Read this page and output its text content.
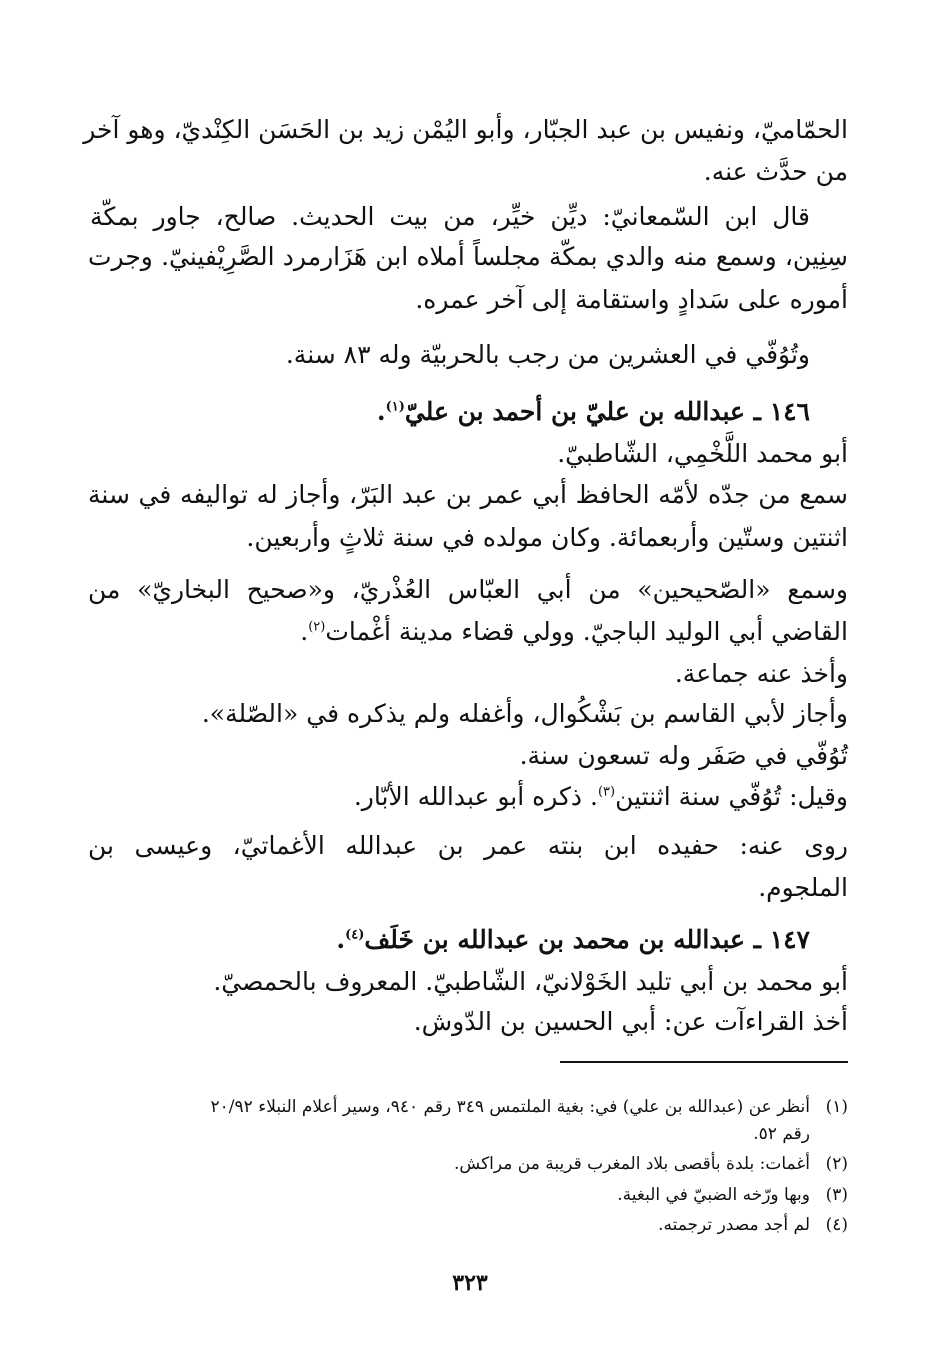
الحمّاميّ، ونفيس بن عبد الجبّار، وأبو اليُمْن زيد بن الحَسَن الكِنْديّ، وهو آخر

من حدَّث عنه.

قال ابن السّمعانيّ: ديِّن خيِّر، من بيت الحديث. صالح، جاور بمكّة

سِنِين، وسمع منه والدي بمكّة مجلساً أملاه ابن هَزَارمرد الصَّرِيْفينيّ. وجرت

أموره على سَدادٍ واستقامة إلى آخر عمره.

وتُوُفّي في العشرين من رجب بالحربيّة وله ٨٣ سنة.

١٤٦ ـ عبدالله بن عليّ بن أحمد بن عليّ$^{(١)}$.

أبو محمد اللَّخْمِي، الشّاطبيّ.

سمع من جدّه لأمّه الحافظ أبي عمر بن عبد البَرّ، وأجاز له تواليفه في سنة

اثنتين وستّين وأربعمائة. وكان مولده في سنة ثلاثٍ وأربعين.

وسمع «الصّحيحين» من أبي العبّاس العُذْريّ، و«صحيح البخاريّ» من

القاضي أبي الوليد الباجيّ. وولي قضاء مدينة أغْمات$^{(٢)}$.

وأخذ عنه جماعة.

وأجاز لأبي القاسم بن بَشْكُوال، وأغفله ولم يذكره في «الصّلة».

تُوُفّي في صَفَر وله تسعون سنة.

وقيل: تُوُفّي سنة اثنتين$^{(٣)}$. ذكره أبو عبدالله الأبّار.

روى عنه: حفيده ابن بنته عمر بن عبدالله الأغماتيّ، وعيسى بن

الملجوم.

١٤٧ ـ عبدالله بن محمد بن عبدالله بن خَلَف$^{(٤)}$.

أبو محمد بن أبي تليد الخَوْلانيّ، الشّاطبيّ. المعروف بالحمصيّ.

أخذ القراءآت عن: أبي الحسين بن الدّوش.

(١)أنظر عن (عبدالله بن علي) في: بغية الملتمس ٣٤٩ رقم ٩٤٠، وسير أعلام النبلاء ٢٠/٩٢
رقم ٥٢.
(٢)أغمات: بلدة بأقصى بلاد المغرب قريبة من مراكش.
(٣)وبها ورّخه الضبيّ في البغية.
(٤)لم أجد مصدر ترجمته.
٣٢٣
